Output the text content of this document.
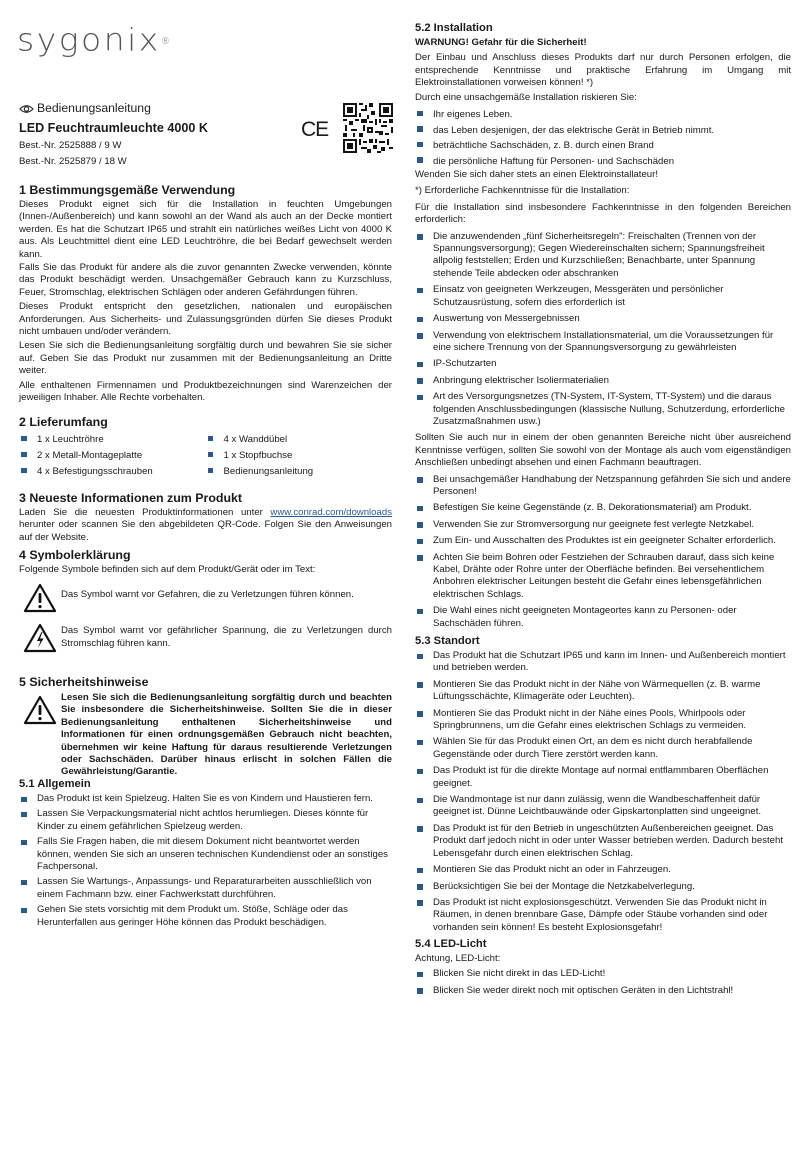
sygonix®
Bedienungsanleitung
LED Feuchtraumleuchte 4000 K
Best.-Nr. 2525888 / 9 W
Best.-Nr. 2525879 / 18 W
CE
1 Bestimmungsgemäße Verwendung

Dieses Produkt eignet sich für die Installation in feuchten Umgebungen (Innen-/Außenbereich) und kann sowohl an der Wand als auch an der Decke montiert werden. Es hat die Schutzart IP65 und strahlt ein natürliches weißes Licht von 4000 K aus. Als Leuchtmittel dient eine LED Leuchtröhre, die bei Bedarf gewechselt werden kann.

Falls Sie das Produkt für andere als die zuvor genannten Zwecke verwenden, könnte das Produkt beschädigt werden. Unsachgemäßer Gebrauch kann zu Kurzschluss, Feuer, Stromschlag, elektrischen Schlägen oder anderen Gefährdungen führen.

Dieses Produkt entspricht den gesetzlichen, nationalen und europäischen Anforderungen. Aus Sicherheits- und Zulassungsgründen dürfen Sie dieses Produkt nicht umbauen und/oder verändern.

Lesen Sie sich die Bedienungsanleitung sorgfältig durch und bewahren Sie sie sicher auf. Geben Sie das Produkt nur zusammen mit der Bedienungsanleitung an Dritte weiter.

Alle enthaltenen Firmennamen und Produktbezeichnungen sind Warenzeichen der jeweiligen Inhaber. Alle Rechte vorbehalten.

2 Lieferumfang
1 x Leuchtröhre
2 x Metall-Montageplatte
4 x Befestigungsschrauben
4 x Wanddübel
1 x Stopfbuchse
Bedienungsanleitung
3 Neueste Informationen zum Produkt

Laden Sie die neuesten Produktinformationen unter www.conrad.com/downloads herunter oder scannen Sie den abgebildeten QR-Code. Folgen Sie den Anweisungen auf der Website.

4 Symbolerklärung

Folgende Symbole befinden sich auf dem Produkt/Gerät oder im Text:

Das Symbol warnt vor Gefahren, die zu Verletzungen führen können.

Das Symbol warnt vor gefährlicher Spannung, die zu Verletzungen durch Stromschlag führen kann.

5 Sicherheitshinweise

Lesen Sie sich die Bedienungsanleitung sorgfältig durch und beachten Sie insbesondere die Sicherheitshinweise. Sollten Sie die in dieser Bedienungsanleitung enthaltenen Sicherheitshinweise und Informationen für einen ordnungsgemäßen Gebrauch nicht beachten, übernehmen wir keine Haftung für daraus resultierende Verletzungen oder Sachschäden. Darüber hinaus erlischt in solchen Fällen die Gewährleistung/Garantie.

5.1 Allgemein
Das Produkt ist kein Spielzeug. Halten Sie es von Kindern und Haustieren fern.
Lassen Sie Verpackungsmaterial nicht achtlos herumliegen. Dieses könnte für Kinder zu einem gefährlichen Spielzeug werden.
Falls Sie Fragen haben, die mit diesem Dokument nicht beantwortet werden können, wenden Sie sich an unseren technischen Kundendienst oder an sonstiges Fachpersonal.
Lassen Sie Wartungs-, Anpassungs- und Reparaturarbeiten ausschließlich von einem Fachmann bzw. einer Fachwerkstatt durchführen.
Gehen Sie stets vorsichtig mit dem Produkt um. Stöße, Schläge oder das Herunterfallen aus geringer Höhe können das Produkt beschädigen.
5.2 Installation

WARNUNG! Gefahr für die Sicherheit!

Der Einbau und Anschluss dieses Produkts darf nur durch Personen erfolgen, die entsprechende Kenntnisse und praktische Erfahrung im Umgang mit Elektroinstallationen vorweisen können! *)

Durch eine unsachgemäße Installation riskieren Sie:

Ihr eigenes Leben.
das Leben desjenigen, der das elektrische Gerät in Betrieb nimmt.
beträchtliche Sachschäden, z. B. durch einen Brand
die persönliche Haftung für Personen- und Sachschäden

Wenden Sie sich daher stets an einen Elektroinstallateur!

*) Erforderliche Fachkenntnisse für die Installation:

Für die Installation sind insbesondere Fachkenntnisse in den folgenden Bereichen erforderlich:

Die anzuwendenden „fünf Sicherheitsregeln": Freischalten (Trennen von der Spannungsversorgung); Gegen Wiedereinschalten sichern; Spannungsfreiheit allpolig feststellen; Erden und Kurzschließen; Benachbarte, unter Spannung stehende Teile abdecken oder abschranken
Einsatz von geeigneten Werkzeugen, Messgeräten und persönlicher Schutzausrüstung, sofern dies erforderlich ist
Auswertung von Messergebnissen
Verwendung von elektrischem Installationsmaterial, um die Voraussetzungen für eine sichere Trennung von der Spannungsversorgung zu gewährleisten
IP-Schutzarten
Anbringung elektrischer Isoliermaterialien
Art des Versorgungsnetzes (TN-System, IT-System, TT-System) und die daraus folgenden Anschlussbedingungen (klassische Nullung, Schutzerdung, erforderliche Zusatzmaßnahmen usw.)

Sollten Sie auch nur in einem der oben genannten Bereiche nicht über ausreichend Kenntnisse verfügen, sollten Sie sowohl von der Montage als auch vom eigenständigen Anschließen unbedingt absehen und einen Fachmann beauftragen.

Bei unsachgemäßer Handhabung der Netzspannung gefährden Sie sich und andere Personen!
Befestigen Sie keine Gegenstände (z. B. Dekorationsmaterial) am Produkt.
Verwenden Sie zur Stromversorgung nur geeignete fest verlegte Netzkabel.
Zum Ein- und Ausschalten des Produktes ist ein geeigneter Schalter erforderlich.
Achten Sie beim Bohren oder Festziehen der Schrauben darauf, dass sich keine Kabel, Drähte oder Rohre unter der Oberfläche befinden. Bei versehentlichem Anbohren elektrischer Leitungen besteht die Gefahr eines lebensgefährlichen elektrischen Schlags.
Die Wahl eines nicht geeigneten Montageortes kann zu Personen- oder Sachschäden führen.
5.3 Standort
Das Produkt hat die Schutzart IP65 und kann im Innen- und Außenbereich montiert und betrieben werden.
Montieren Sie das Produkt nicht in der Nähe von Wärmequellen (z. B. warme Lüftungsschächte, Klimageräte oder Leuchten).
Montieren Sie das Produkt nicht in der Nähe eines Pools, Whirlpools oder Springbrunnens, um die Gefahr eines elektrischen Schlags zu vermeiden.
Wählen Sie für das Produkt einen Ort, an dem es nicht durch herabfallende Gegenstände oder durch Tiere zerstört werden kann.
Das Produkt ist für die direkte Montage auf normal entflammbaren Oberflächen geeignet.
Die Wandmontage ist nur dann zulässig, wenn die Wandbeschaffenheit dafür geeignet ist. Dünne Leichtbauwände oder Gipskartonplatten sind ungeeignet.
Das Produkt ist für den Betrieb in ungeschützten Außenbereichen geeignet. Das Produkt darf jedoch nicht in oder unter Wasser betrieben werden. Dadurch besteht Lebensgefahr durch einen elektrischen Schlag.
Montieren Sie das Produkt nicht an oder in Fahrzeugen.
Berücksichtigen Sie bei der Montage die Netzkabelverlegung.
Das Produkt ist nicht explosionsgeschützt. Verwenden Sie das Produkt nicht in Räumen, in denen brennbare Gase, Dämpfe oder Stäube vorhanden sind oder vorhanden sein können! Es besteht Explosionsgefahr!
5.4 LED-Licht

Achtung, LED-Licht:

Blicken Sie nicht direkt in das LED-Licht!
Blicken Sie weder direkt noch mit optischen Geräten in den Lichtstrahl!
